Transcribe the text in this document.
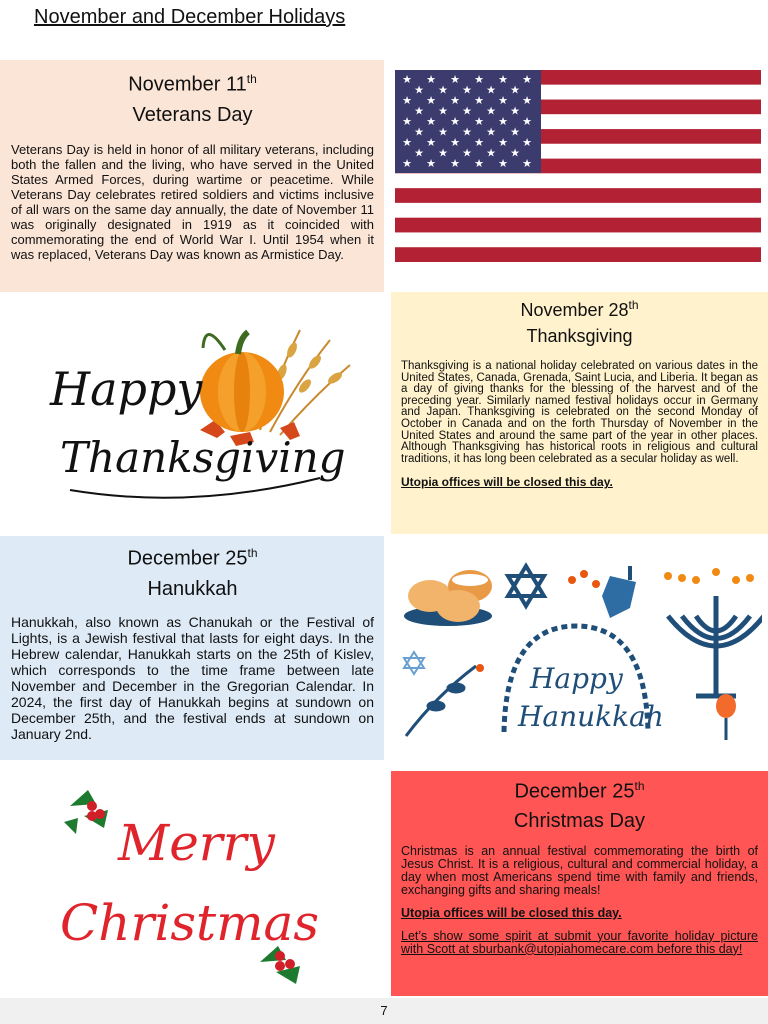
November and December Holidays
November 11th
Veterans Day

Veterans Day is held in honor of all military veterans, including both the fallen and the living, who have served in the United States Armed Forces, during wartime or peacetime. While Veterans Day celebrates retired soldiers and victims inclusive of all wars on the same day annually, the date of November 11 was originally designated in 1919 as it coincided with commemorating the end of World War I. Until 1954 when it was replaced, Veterans Day was known as Armistice Day.

★ ★ ★ ★ ★ ★
★ ★ ★ ★ ★
★ ★ ★ ★ ★ ★
★ ★ ★ ★ ★
★ ★ ★ ★ ★ ★
★ ★ ★ ★ ★
★ ★ ★ ★ ★ ★
★ ★ ★ ★ ★
★ ★ ★ ★ ★ ★
Happy
Thanksgiving
November 28th
Thanksgiving

Thanksgiving is a national holiday celebrated on various dates in the United States, Canada, Grenada, Saint Lucia, and Liberia. It began as a day of giving thanks for the blessing of the harvest and of the preceding year. Similarly named festival holidays occur in Germany and Japan. Thanksgiving is celebrated on the second Monday of October in Canada and on the forth Thursday of November in the United States and around the same part of the year in other places. Although Thanksgiving has historical roots in religious and cultural traditions, it has long been celebrated as a secular holiday as well.

Utopia offices will be closed this day.

December 25th
Hanukkah

Hanukkah, also known as Chanukah or the Festival of Lights, is a Jewish festival that lasts for eight days. In the Hebrew calendar, Hanukkah starts on the 25th of Kislev, which corresponds to the time frame between late November and December in the Gregorian Calendar. In 2024, the first day of Hanukkah begins at sundown on December 25th, and the festival ends at sundown on January 2nd.

Happy
Hanukkah
Merry
Christmas
December 25th
Christmas Day

Christmas is an annual festival commemorating the birth of Jesus Christ. It is a religious, cultural and commercial holiday, a day when most Americans spend time with family and friends, exchanging gifts and sharing meals!

Utopia offices will be closed this day.

Let’s show some spirit at submit your favorite holiday picture with Scott at sburbank@utopiahomecare.com before this day!

7
